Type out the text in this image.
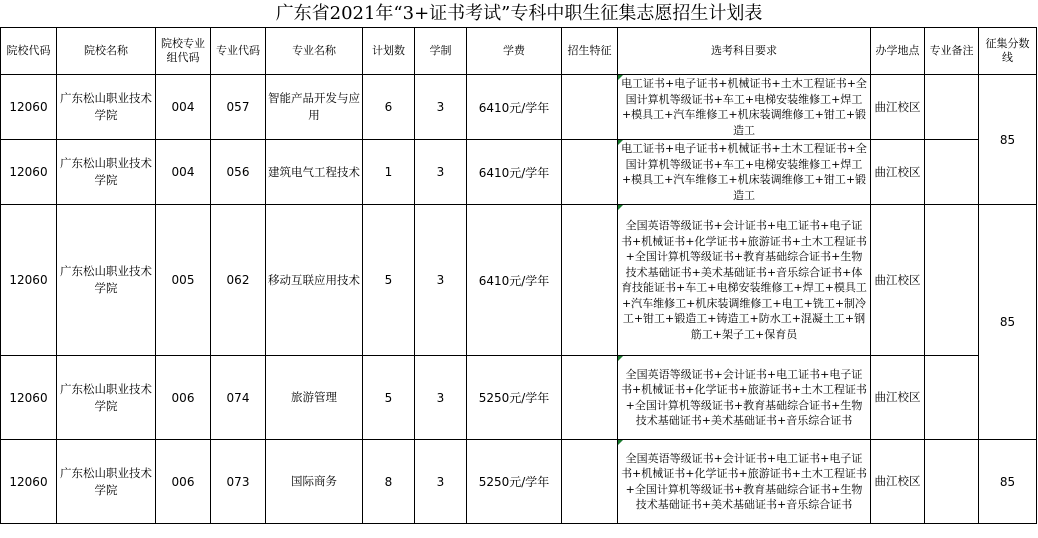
广东省2021年“3+证书考试”专科中职生征集志愿招生计划表
院校代码	院校名称	院校专业组代码	专业代码	专业名称	计划数	学制	学费	招生特征	选考科目要求	办学地点	专业备注	征集分数线
12060	广东松山职业技术学院	004	057	智能产品开发与应用	6	3	6410元/学年		电工证书+电子证书+机械证书+土木工程证书+全国计算机等级证书+车工+电梯安装维修工+焊工+模具工+汽车维修工+机床装调维修工+钳工+锻造工	曲江校区		85
12060	广东松山职业技术学院	004	056	建筑电气工程技术	1	3	6410元/学年		电工证书+电子证书+机械证书+土木工程证书+全国计算机等级证书+车工+电梯安装维修工+焊工+模具工+汽车维修工+机床装调维修工+钳工+锻造工	曲江校区		
12060	广东松山职业技术学院	005	062	移动互联应用技术	5	3	6410元/学年		全国英语等级证书+会计证书+电工证书+电子证书+机械证书+化学证书+旅游证书+土木工程证书+全国计算机等级证书+教育基础综合证书+生物技术基础证书+美术基础证书+音乐综合证书+体育技能证书+车工+电梯安装维修工+焊工+模具工+汽车维修工+机床装调维修工+电工+铣工+制冷工+钳工+锻造工+铸造工+防水工+混凝土工+钢筋工+架子工+保育员	曲江校区		85
12060	广东松山职业技术学院	006	074	旅游管理	5	3	5250元/学年		全国英语等级证书+会计证书+电工证书+电子证书+机械证书+化学证书+旅游证书+土木工程证书+全国计算机等级证书+教育基础综合证书+生物技术基础证书+美术基础证书+音乐综合证书	曲江校区		
12060	广东松山职业技术学院	006	073	国际商务	8	3	5250元/学年		全国英语等级证书+会计证书+电工证书+电子证书+机械证书+化学证书+旅游证书+土木工程证书+全国计算机等级证书+教育基础综合证书+生物技术基础证书+美术基础证书+音乐综合证书	曲江校区		85
